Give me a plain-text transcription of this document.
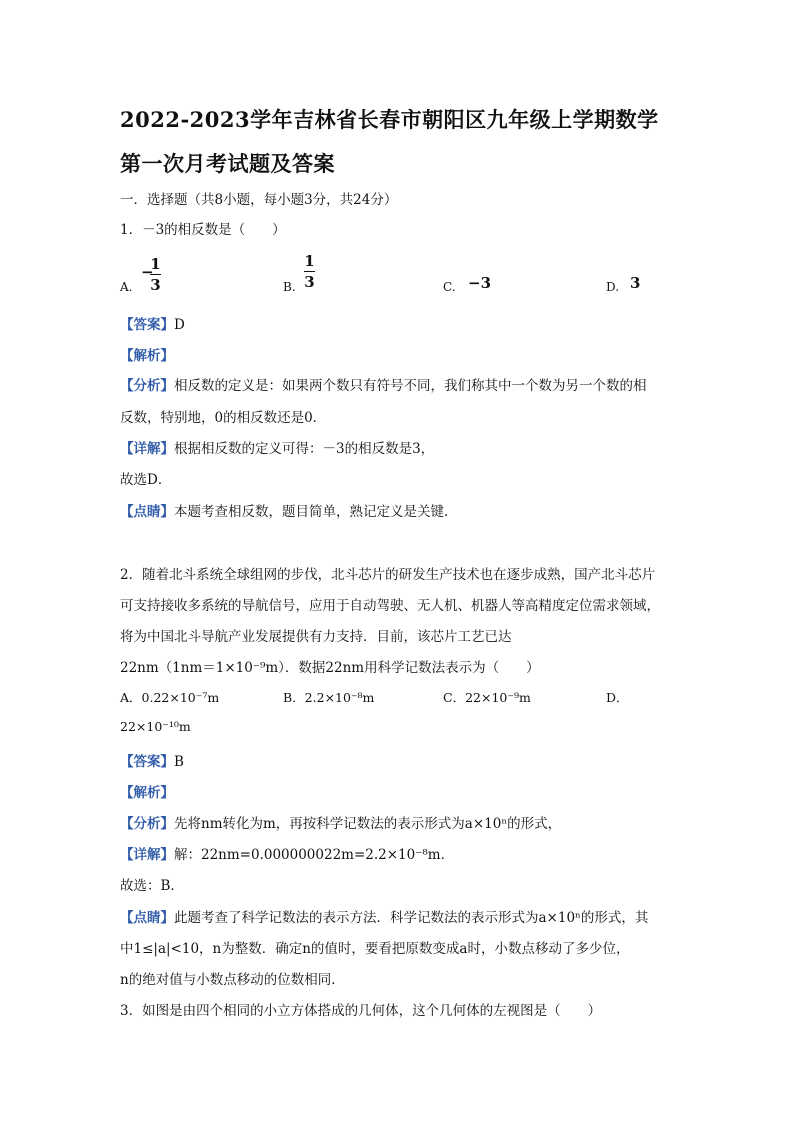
2022-2023学年吉林省长春市朝阳区九年级上学期数学第一次月考试题及答案
一．选择题（共8小题，每小题3分，共24分）
1．－3的相反数是（　　）
A.
−
1
3	B.
1
3	C. −3	D. 3
【答案】D
【解析】
【分析】相反数的定义是：如果两个数只有符号不同，我们称其中一个数为另一个数的相
反数，特别地，0的相反数还是0．
【详解】根据相反数的定义可得：－3的相反数是3，
故选D．
【点睛】本题考查相反数，题目简单，熟记定义是关键．
2．随着北斗系统全球组网的步伐，北斗芯片的研发生产技术也在逐步成熟，国产北斗芯片
可支持接收多系统的导航信号，应用于自动驾驶、无人机、机器人等高精度定位需求领域，
将为中国北斗导航产业发展提供有力支持．目前，该芯片工艺已达
22nm（1nm＝1×10⁻⁹m）．数据22nm用科学记数法表示为（　　）
A．0.22×10⁻⁷m	B．2.2×10⁻⁸m	C．22×10⁻⁹m	D．
22×10⁻¹⁰m
【答案】B
【解析】
【分析】先将nm转化为m，再按科学记数法的表示形式为a×10ⁿ的形式，
【详解】解：22nm=0.000000022m=2.2×10⁻⁸m．
故选：B．
【点睛】此题考查了科学记数法的表示方法．科学记数法的表示形式为a×10ⁿ的形式，其
中1≤|a|<10，n为整数．确定n的值时，要看把原数变成a时，小数点移动了多少位，
n的绝对值与小数点移动的位数相同．
3．如图是由四个相同的小立方体搭成的几何体，这个几何体的左视图是（　　）
